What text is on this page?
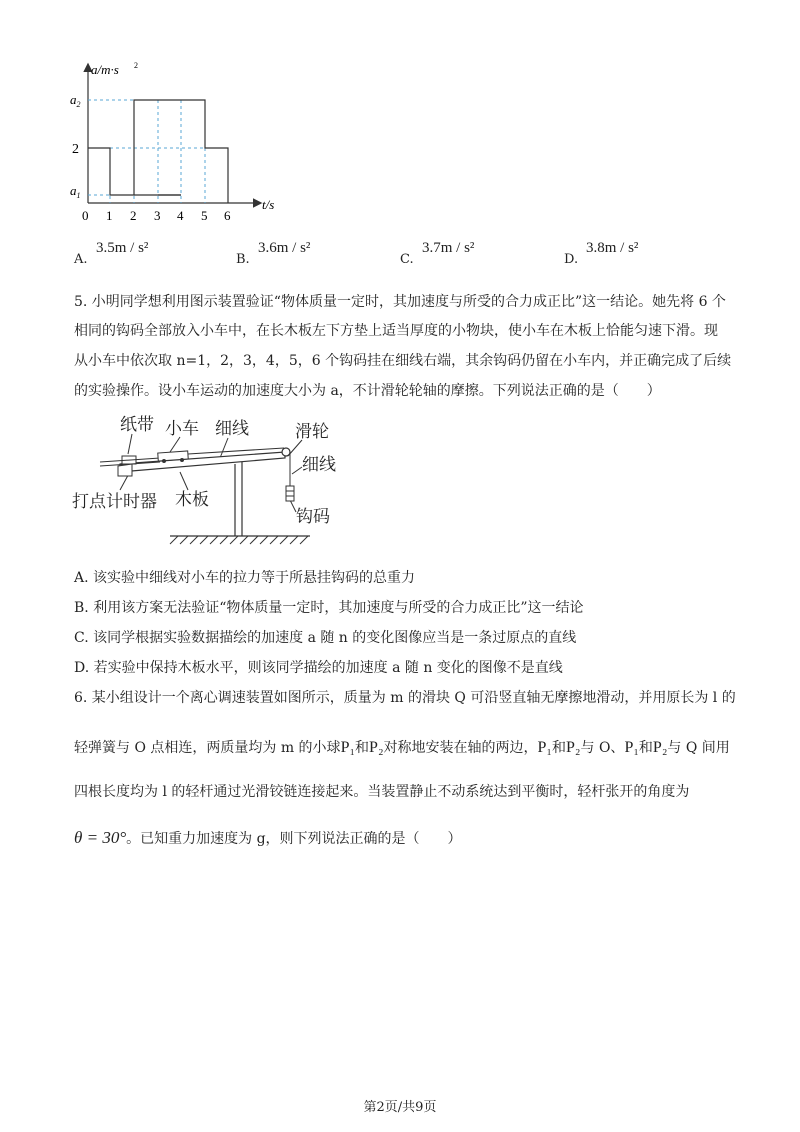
a/m·s 2
$a_2$
2
$a_1$
0 1 2 3 4 5 6
t/s
A.
3.5m / s²
B.
3.6m / s²
C.
3.7m / s²
D.
3.8m / s²
5. 小明同学想利用图示装置验证“物体质量一定时，其加速度与所受的合力成正比”这一结论。她先将 6 个
相同的钩码全部放入小车中，在长木板左下方垫上适当厚度的小物块，使小车在木板上恰能匀速下滑。现
从小车中依次取 n=1，2，3，4，5，6 个钩码挂在细线右端，其余钩码仍留在小车内，并正确完成了后续
的实验操作。设小车运动的加速度大小为 a，不计滑轮轮轴的摩擦。下列说法正确的是（　　）
纸带 小车 细线	滑轮
细线
打点计时器 木板
钩码
A. 该实验中细线对小车的拉力等于所悬挂钩码的总重力
B. 利用该方案无法验证“物体质量一定时，其加速度与所受的合力成正比”这一结论
C. 该同学根据实验数据描绘的加速度 a 随 n 的变化图像应当是一条过原点的直线
D. 若实验中保持木板水平，则该同学描绘的加速度 a 随 n 变化的图像不是直线
6. 某小组设计一个离心调速装置如图所示，质量为 m 的滑块 Q 可沿竖直轴无摩擦地滑动，并用原长为 l 的
轻弹簧与 O 点相连，两质量均为 m 的小球P₁和P₂对称地安装在轴的两边，P₁和P₂与 O、P₁和P₂与 Q 间用
四根长度均为 l 的轻杆通过光滑铰链连接起来。当装置静止不动系统达到平衡时，轻杆张开的角度为
θ = 30°。已知重力加速度为 g，则下列说法正确的是（　　）
第2页/共9页
